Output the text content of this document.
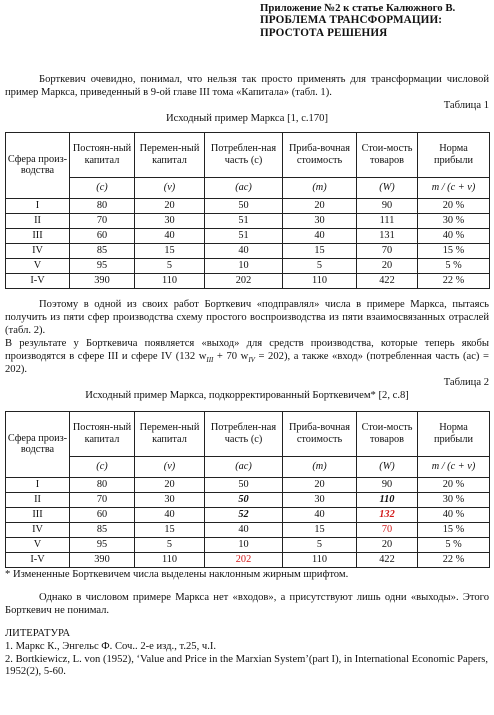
Приложение №2 к статье Калюжного В.
ПРОБЛЕМА ТРАНСФОРМАЦИИ:
ПРОСТОТА РЕШЕНИЯ

Борткевич очевидно, понимал, что нельзя так просто применять для трансформации числовой пример Маркса, приведенный в 9-ой главе III тома «Капитала» (табл. 1).

Таблица 1
Исходный пример Маркса [1, с.170]
Сфера произ-водства	Постоян-ный капитал	Перемен-ный капитал	Потреблен-ная часть (c)	Приба-вочная стоимость	Стои-мость товаров	Норма прибыли
	(c)	(v)	(ac)	(m)	(W)	m / (c + v)
I	80	20	50	20	90	20 %
II	70	30	51	30	111	30 %
III	60	40	51	40	131	40 %
IV	85	15	40	15	70	15 %
V	95	5	10	5	20	5 %
I-V	390	110	202	110	422	22 %

Поэтому в одной из своих работ Борткевич «подправлял» числа в примере Маркса, пытаясь получить из пяти сфер производства схему простого воспроизводства из пяти взаимосвязанных отраслей (табл. 2).

В результате у Борткевича появляется «выход» для средств производства, которые теперь якобы производятся в сфере III и сфере IV (132 $w_{III} + 70$ $w_{IV} = 202$), а также «вход» (потребленная часть (ac) = 202).

Таблица 2
Исходный пример Маркса, подкорректированный Борткевичем* [2, с.8]
Сфера произ-водства	Постоян-ный капитал	Перемен-ный капитал	Потреблен-ная часть (c)	Приба-вочная стоимость	Стои-мость товаров	Норма прибыли
	(c)	(v)	(ac)	(m)	(W)	m / (c + v)
I	80	20	50	20	90	20 %
II	70	30	50	30	110	30 %
III	60	40	52	40	132	40 %
IV	85	15	40	15	70	15 %
V	95	5	10	5	20	5 %
I-V	390	110	202	110	422	22 %
* Измененные Борткевичем числа выделены наклонным жирным шрифтом.

Однако в числовом примере Маркса нет «входов», а присутствуют лишь одни «выходы». Этого Борткевич не понимал.

ЛИТЕРАТУРА
1. Маркс К., Энгельс Ф. Соч.. 2-е изд., т.25, ч.I.
2. Bortkiewicz, L. von (1952), ‘Value and Price in the Marxian System’(part I), in International Economic Papers, 1952(2), 5-60.
